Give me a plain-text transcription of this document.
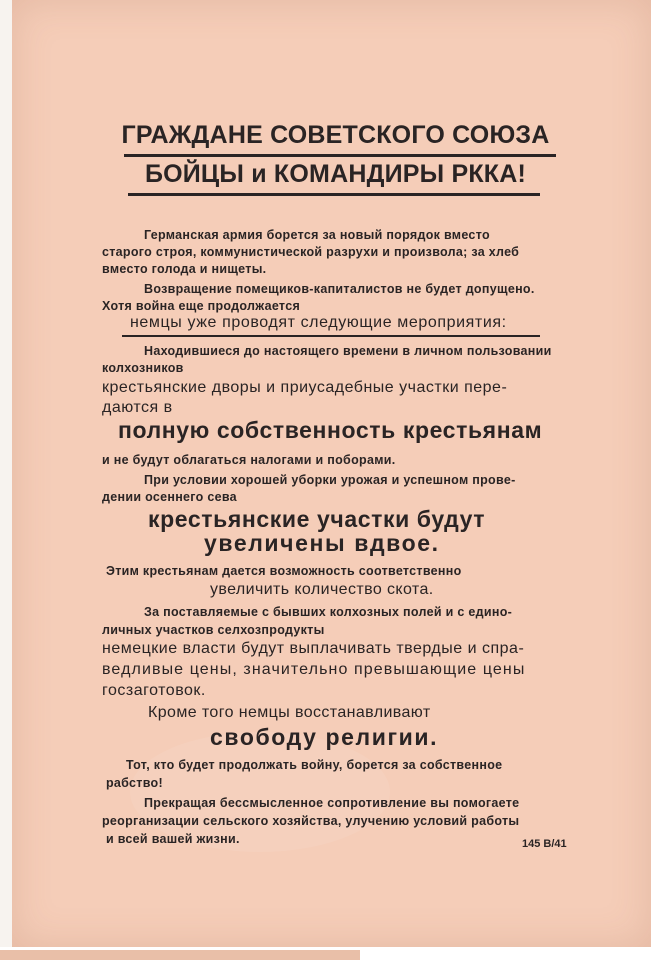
ГРАЖДАНЕ СОВЕТСКОГО СОЮЗА
БОЙЦЫ и КОМАНДИРЫ РККА!

Германская армия борется за новый порядок вместо

старого строя, коммунистической разрухи и произвола; за хлеб

вместо голода и нищеты.

Возвращение помещиков-капиталистов не будет допущено.

Хотя война еще продолжается

немцы уже проводят следующие мероприятия:

Находившиеся до настоящего времени в личном пользовании

колхозников

крестьянские дворы и приусадебные участки пере-

даются в

полную собственность крестьянам

и не будут облагаться налогами и поборами.

При условии хорошей уборки урожая и успешном прове-

дении осеннего сева

крестьянские участки будут

увеличены вдвое.

Этим крестьянам дается возможность соответственно

увеличить количество скота.

За поставляемые с бывших колхозных полей и с едино-

личных участков селхозпродукты

немецкие власти будут выплачивать твердые и спра-

ведливые цены, значительно превышающие цены

госзаготовок.

Кроме того немцы восстанавливают

свободу религии.

Тот, кто будет продолжать войну, борется за собственное

рабство!

Прекращая бессмысленное сопротивление вы помогаете

реорганизации сельского хозяйства, улучению условий работы

и всей вашей жизни.	145 B/41
